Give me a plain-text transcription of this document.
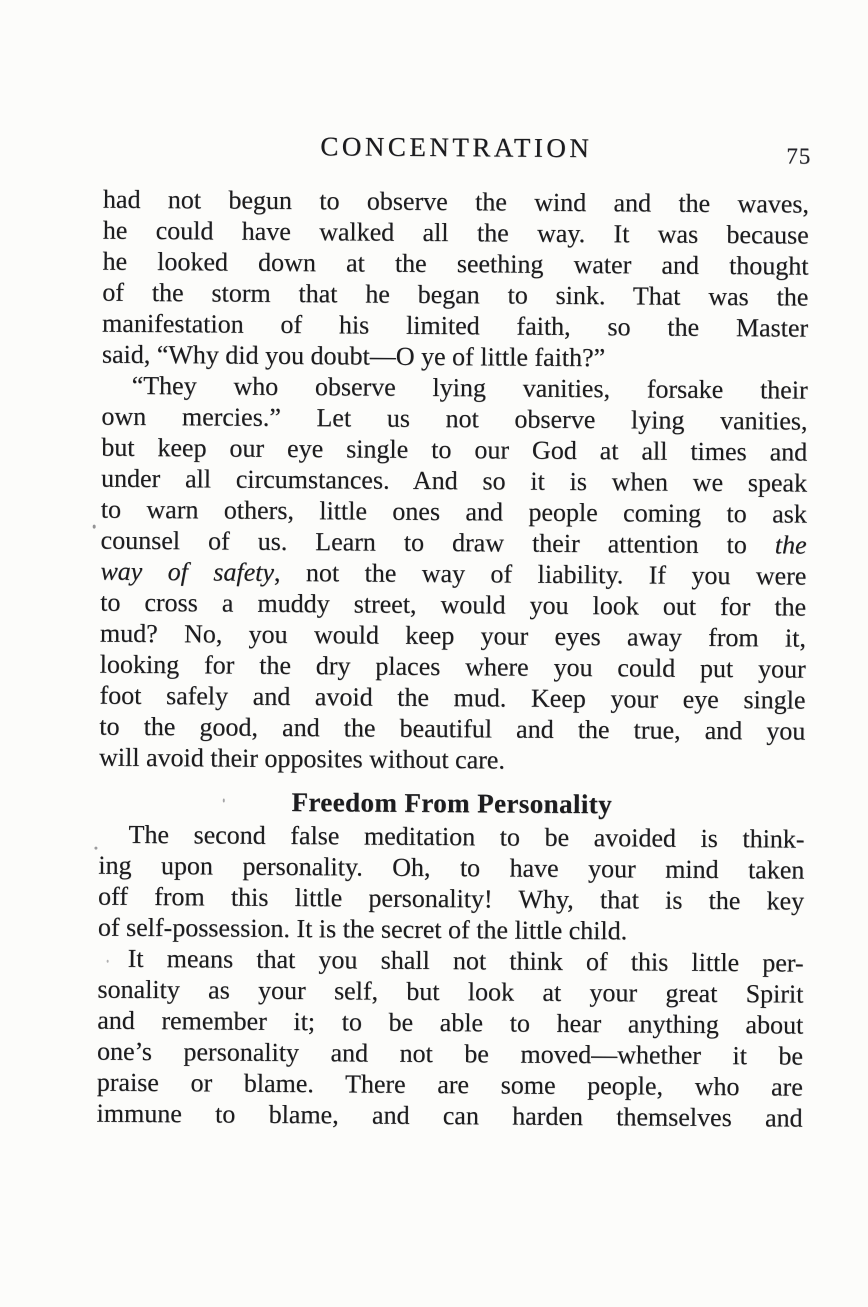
CONCENTRATION	75
had not begun to observe the wind and the waves,
he could have walked all the way. It was because
he looked down at the seething water and thought
of the storm that he began to sink. That was the
manifestation of his limited faith, so the Master
said, “Why did you doubt—O ye of little faith?”
“They who observe lying vanities, forsake their
own mercies.” Let us not observe lying vanities,
but keep our eye single to our God at all times and
under all circumstances. And so it is when we speak
to warn others, little ones and people coming to ask
counsel of us. Learn to draw their attention to the
way of safety, not the way of liability. If you were
to cross a muddy street, would you look out for the
mud? No, you would keep your eyes away from it,
looking for the dry places where you could put your
foot safely and avoid the mud. Keep your eye single
to the good, and the beautiful and the true, and you
will avoid their opposites without care.
Freedom From Personality
The second false meditation to be avoided is think-
ing upon personality. Oh, to have your mind taken
off from this little personality! Why, that is the key
of self-possession. It is the secret of the little child.
It means that you shall not think of this little per-
sonality as your self, but look at your great Spirit
and remember it; to be able to hear anything about
one’s personality and not be moved—whether it be
praise or blame. There are some people, who are
immune to blame, and can harden themselves and
